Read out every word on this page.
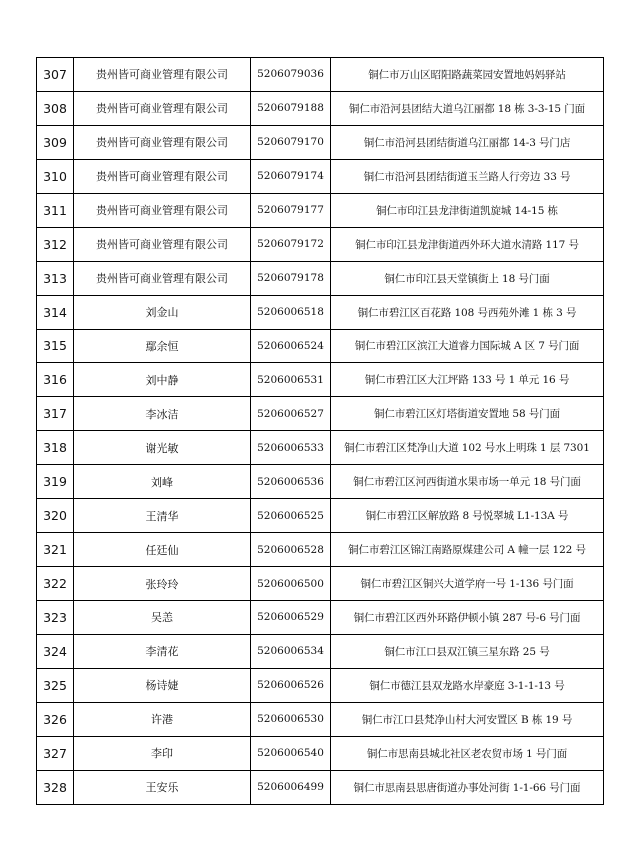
307	贵州皆可商业管理有限公司	5206079036	铜仁市万山区昭阳路蔬菜园安置地妈妈驿站
308	贵州皆可商业管理有限公司	5206079188	铜仁市沿河县团结大道乌江丽都 18 栋 3-3-15 门面
309	贵州皆可商业管理有限公司	5206079170	铜仁市沿河县团结街道乌江丽都 14-3 号门店
310	贵州皆可商业管理有限公司	5206079174	铜仁市沿河县团结街道玉兰路人行旁边 33 号
311	贵州皆可商业管理有限公司	5206079177	铜仁市印江县龙津街道凯旋城 14-15 栋
312	贵州皆可商业管理有限公司	5206079172	铜仁市印江县龙津街道西外环大道水清路 117 号
313	贵州皆可商业管理有限公司	5206079178	铜仁市印江县天堂镇街上 18 号门面
314	刘金山	5206006518	铜仁市碧江区百花路 108 号西苑外滩 1 栋 3 号
315	鄢余恒	5206006524	铜仁市碧江区滨江大道睿力国际城 A 区 7 号门面
316	刘中静	5206006531	铜仁市碧江区大江坪路 133 号 1 单元 16 号
317	李冰洁	5206006527	铜仁市碧江区灯塔街道安置地 58 号门面
318	谢光敏	5206006533	铜仁市碧江区梵净山大道 102 号水上明珠 1 层 7301
319	刘峰	5206006536	铜仁市碧江区河西街道水果市场一单元 18 号门面
320	王清华	5206006525	铜仁市碧江区解放路 8 号悦翠城 L1-13A 号
321	任廷仙	5206006528	铜仁市碧江区锦江南路原煤建公司 A 幢一层 122 号
322	张玲玲	5206006500	铜仁市碧江区铜兴大道学府一号 1-136 号门面
323	吴恙	5206006529	铜仁市碧江区西外环路伊顿小镇 287 号-6 号门面
324	李清花	5206006534	铜仁市江口县双江镇三星东路 25 号
325	杨诗婕	5206006526	铜仁市德江县双龙路水岸豪庭 3-1-1-13 号
326	许港	5206006530	铜仁市江口县梵净山村大河安置区 B 栋 19 号
327	李印	5206006540	铜仁市思南县城北社区老农贸市场 1 号门面
328	王安乐	5206006499	铜仁市思南县思唐街道办事处河街 1-1-66 号门面
